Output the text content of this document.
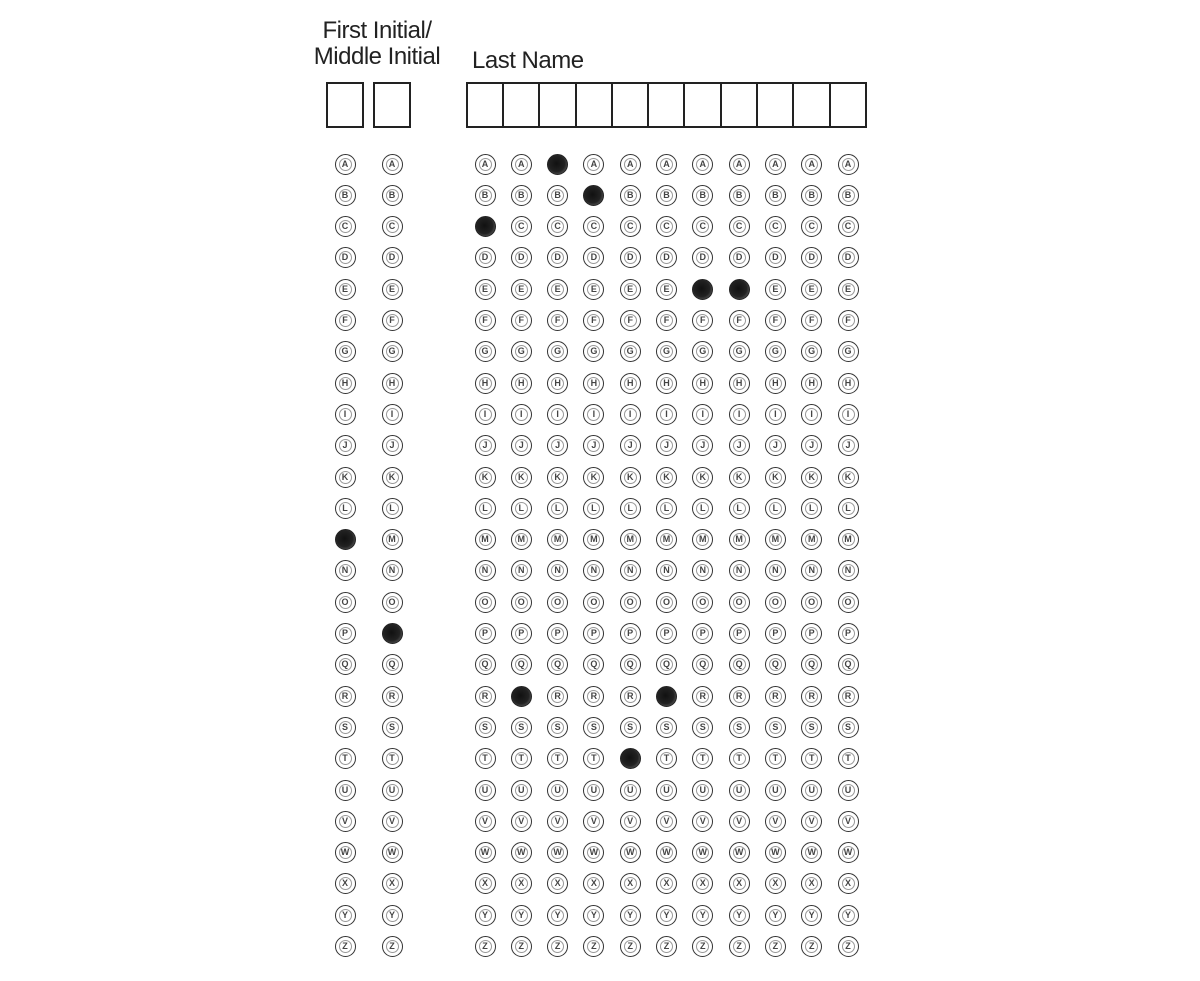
First Initial/ Middle Initial	Last Name
A
B
C
D
E
F
G
H
I
J
K
L
N
O
P
Q
R
S
T
U
V
W
X
Y
Z
A
B
C
D
E
F
G
H
I
J
K
L
M
N
O
Q
R
S
T
U
V
W
X
Y
Z
A
B
D
E
F
G
H
I
J
K
L
M
N
O
P
Q
R
S
T
U
V
W
X
Y
Z
A
B
C
D
E
F
G
H
I
J
K
L
M
N
O
P
Q
S
T
U
V
W
X
Y
Z
B
C
D
E
F
G
H
I
J
K
L
M
N
O
P
Q
R
S
T
U
V
W
X
Y
Z
A
C
D
E
F
G
H
I
J
K
L
M
N
O
P
Q
R
S
T
U
V
W
X
Y
Z
A
B
C
D
E
F
G
H
I
J
K
L
M
N
O
P
Q
R
S
U
V
W
X
Y
Z
A
B
C
D
E
F
G
H
I
J
K
L
M
N
O
P
Q
S
T
U
V
W
X
Y
Z
A
B
C
D
F
G
H
I
J
K
L
M
N
O
P
Q
R
S
T
U
V
W
X
Y
Z
A
B
C
D
F
G
H
I
J
K
L
M
N
O
P
Q
R
S
T
U
V
W
X
Y
Z
A
B
C
D
E
F
G
H
I
J
K
L
M
N
O
P
Q
R
S
T
U
V
W
X
Y
Z
A
B
C
D
E
F
G
H
I
J
K
L
M
N
O
P
Q
R
S
T
U
V
W
X
Y
Z
A
B
C
D
E
F
G
H
I
J
K
L
M
N
O
P
Q
R
S
T
U
V
W
X
Y
Z
